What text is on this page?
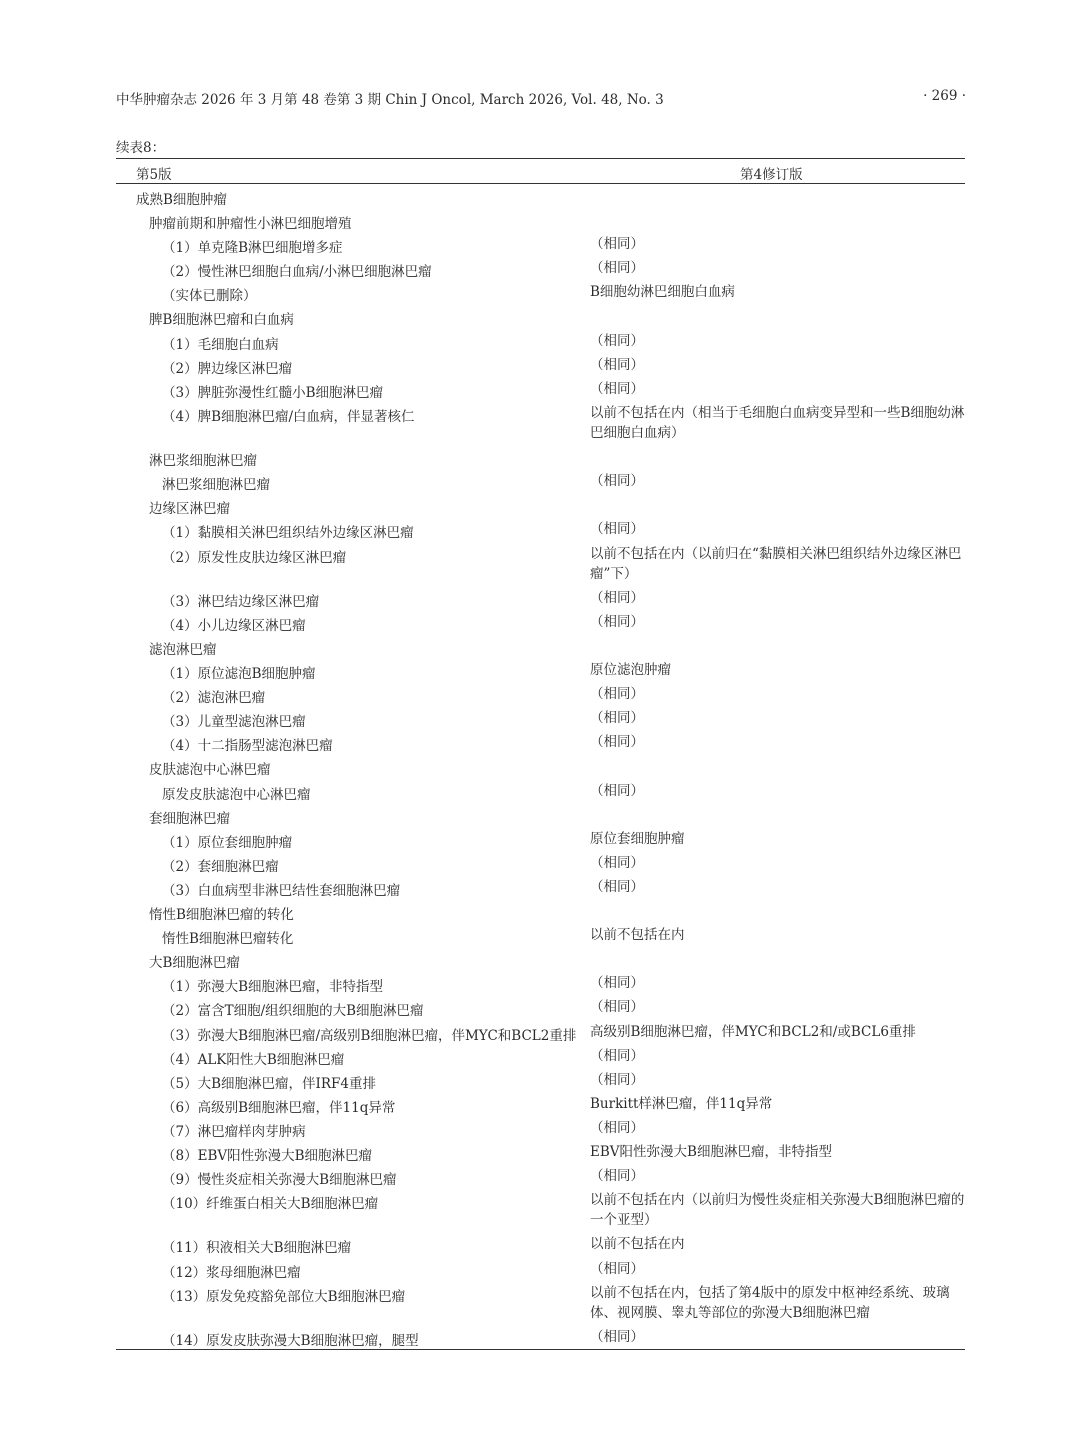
中华肿瘤杂志 2026 年 3 月第 48 卷第 3 期 Chin J Oncol, March 2026, Vol. 48, No. 3	· 269 ·
续表8：
第5版	第4修订版
成熟B细胞肿瘤
肿瘤前期和肿瘤性小淋巴细胞增殖
（1）单克隆B淋巴细胞增多症	（相同）
（2）慢性淋巴细胞白血病/小淋巴细胞淋巴瘤	（相同）
（实体已删除）	B细胞幼淋巴细胞白血病
脾B细胞淋巴瘤和白血病
（1）毛细胞白血病	（相同）
（2）脾边缘区淋巴瘤	（相同）
（3）脾脏弥漫性红髓小B细胞淋巴瘤	（相同）
（4）脾B细胞淋巴瘤/白血病，伴显著核仁	以前不包括在内（相当于毛细胞白血病变异型和一些B细胞幼淋巴细胞白血病）
淋巴浆细胞淋巴瘤
淋巴浆细胞淋巴瘤	（相同）
边缘区淋巴瘤
（1）黏膜相关淋巴组织结外边缘区淋巴瘤	（相同）
（2）原发性皮肤边缘区淋巴瘤	以前不包括在内（以前归在“黏膜相关淋巴组织结外边缘区淋巴瘤”下）
（3）淋巴结边缘区淋巴瘤	（相同）
（4）小儿边缘区淋巴瘤	（相同）
滤泡淋巴瘤
（1）原位滤泡B细胞肿瘤	原位滤泡肿瘤
（2）滤泡淋巴瘤	（相同）
（3）儿童型滤泡淋巴瘤	（相同）
（4）十二指肠型滤泡淋巴瘤	（相同）
皮肤滤泡中心淋巴瘤
原发皮肤滤泡中心淋巴瘤	（相同）
套细胞淋巴瘤
（1）原位套细胞肿瘤	原位套细胞肿瘤
（2）套细胞淋巴瘤	（相同）
（3）白血病型非淋巴结性套细胞淋巴瘤	（相同）
惰性B细胞淋巴瘤的转化
惰性B细胞淋巴瘤转化	以前不包括在内
大B细胞淋巴瘤
（1）弥漫大B细胞淋巴瘤，非特指型	（相同）
（2）富含T细胞/组织细胞的大B细胞淋巴瘤	（相同）
（3）弥漫大B细胞淋巴瘤/高级别B细胞淋巴瘤，伴MYC和BCL2重排	高级别B细胞淋巴瘤，伴MYC和BCL2和/或BCL6重排
（4）ALK阳性大B细胞淋巴瘤	（相同）
（5）大B细胞淋巴瘤，伴IRF4重排	（相同）
（6）高级别B细胞淋巴瘤，伴11q异常	Burkitt样淋巴瘤，伴11q异常
（7）淋巴瘤样肉芽肿病	（相同）
（8）EBV阳性弥漫大B细胞淋巴瘤	EBV阳性弥漫大B细胞淋巴瘤，非特指型
（9）慢性炎症相关弥漫大B细胞淋巴瘤	（相同）
（10）纤维蛋白相关大B细胞淋巴瘤	以前不包括在内（以前归为慢性炎症相关弥漫大B细胞淋巴瘤的一个亚型）
（11）积液相关大B细胞淋巴瘤	以前不包括在内
（12）浆母细胞淋巴瘤	（相同）
（13）原发免疫豁免部位大B细胞淋巴瘤	以前不包括在内，包括了第4版中的原发中枢神经系统、玻璃体、视网膜、睾丸等部位的弥漫大B细胞淋巴瘤
（14）原发皮肤弥漫大B细胞淋巴瘤，腿型	（相同）
